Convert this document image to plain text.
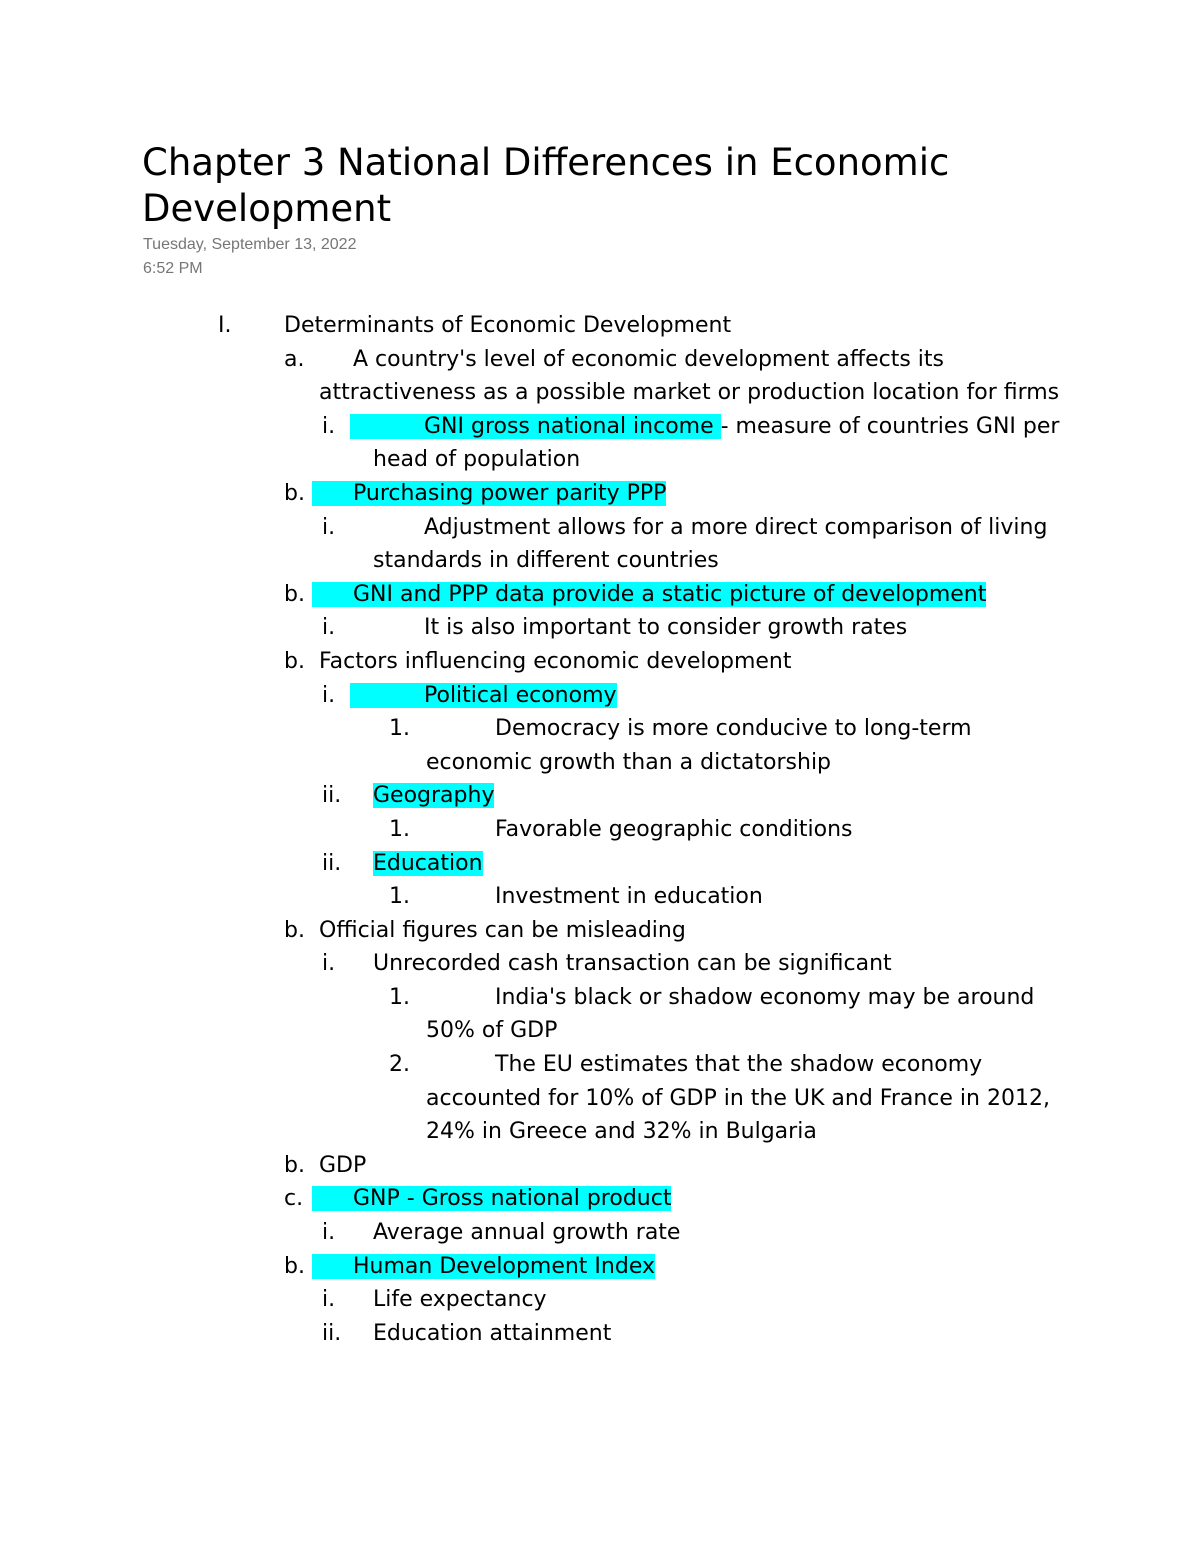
Chapter 3 National Differences in Economic Development
Tuesday, September 13, 2022
6:52 PM
I. Determinants of Economic Development
a.	A country's level of economic development affects its attractiveness as a possible market or production location for firms
i.	GNI gross national income - measure of countries GNI per head of population
b.	Purchasing power parity PPP
i.	Adjustment allows for a more direct comparison of living standards in different countries
b.	GNI and PPP data provide a static picture of development
i.	It is also important to consider growth rates
b. Factors influencing economic development
i.	Political economy
1.	Democracy is more conducive to long-term economic growth than a dictatorship
ii. Geography
1.	Favorable geographic conditions
ii. Education
1.	Investment in education
b. Official figures can be misleading
i. Unrecorded cash transaction can be significant
1.	India's black or shadow economy may be around 50% of GDP
2.	The EU estimates that the shadow economy accounted for 10% of GDP in the UK and France in 2012, 24% in Greece and 32% in Bulgaria
b. GDP
c.	GNP - Gross national product
i. Average annual growth rate
b.	Human Development Index
i. Life expectancy
ii. Education attainment
